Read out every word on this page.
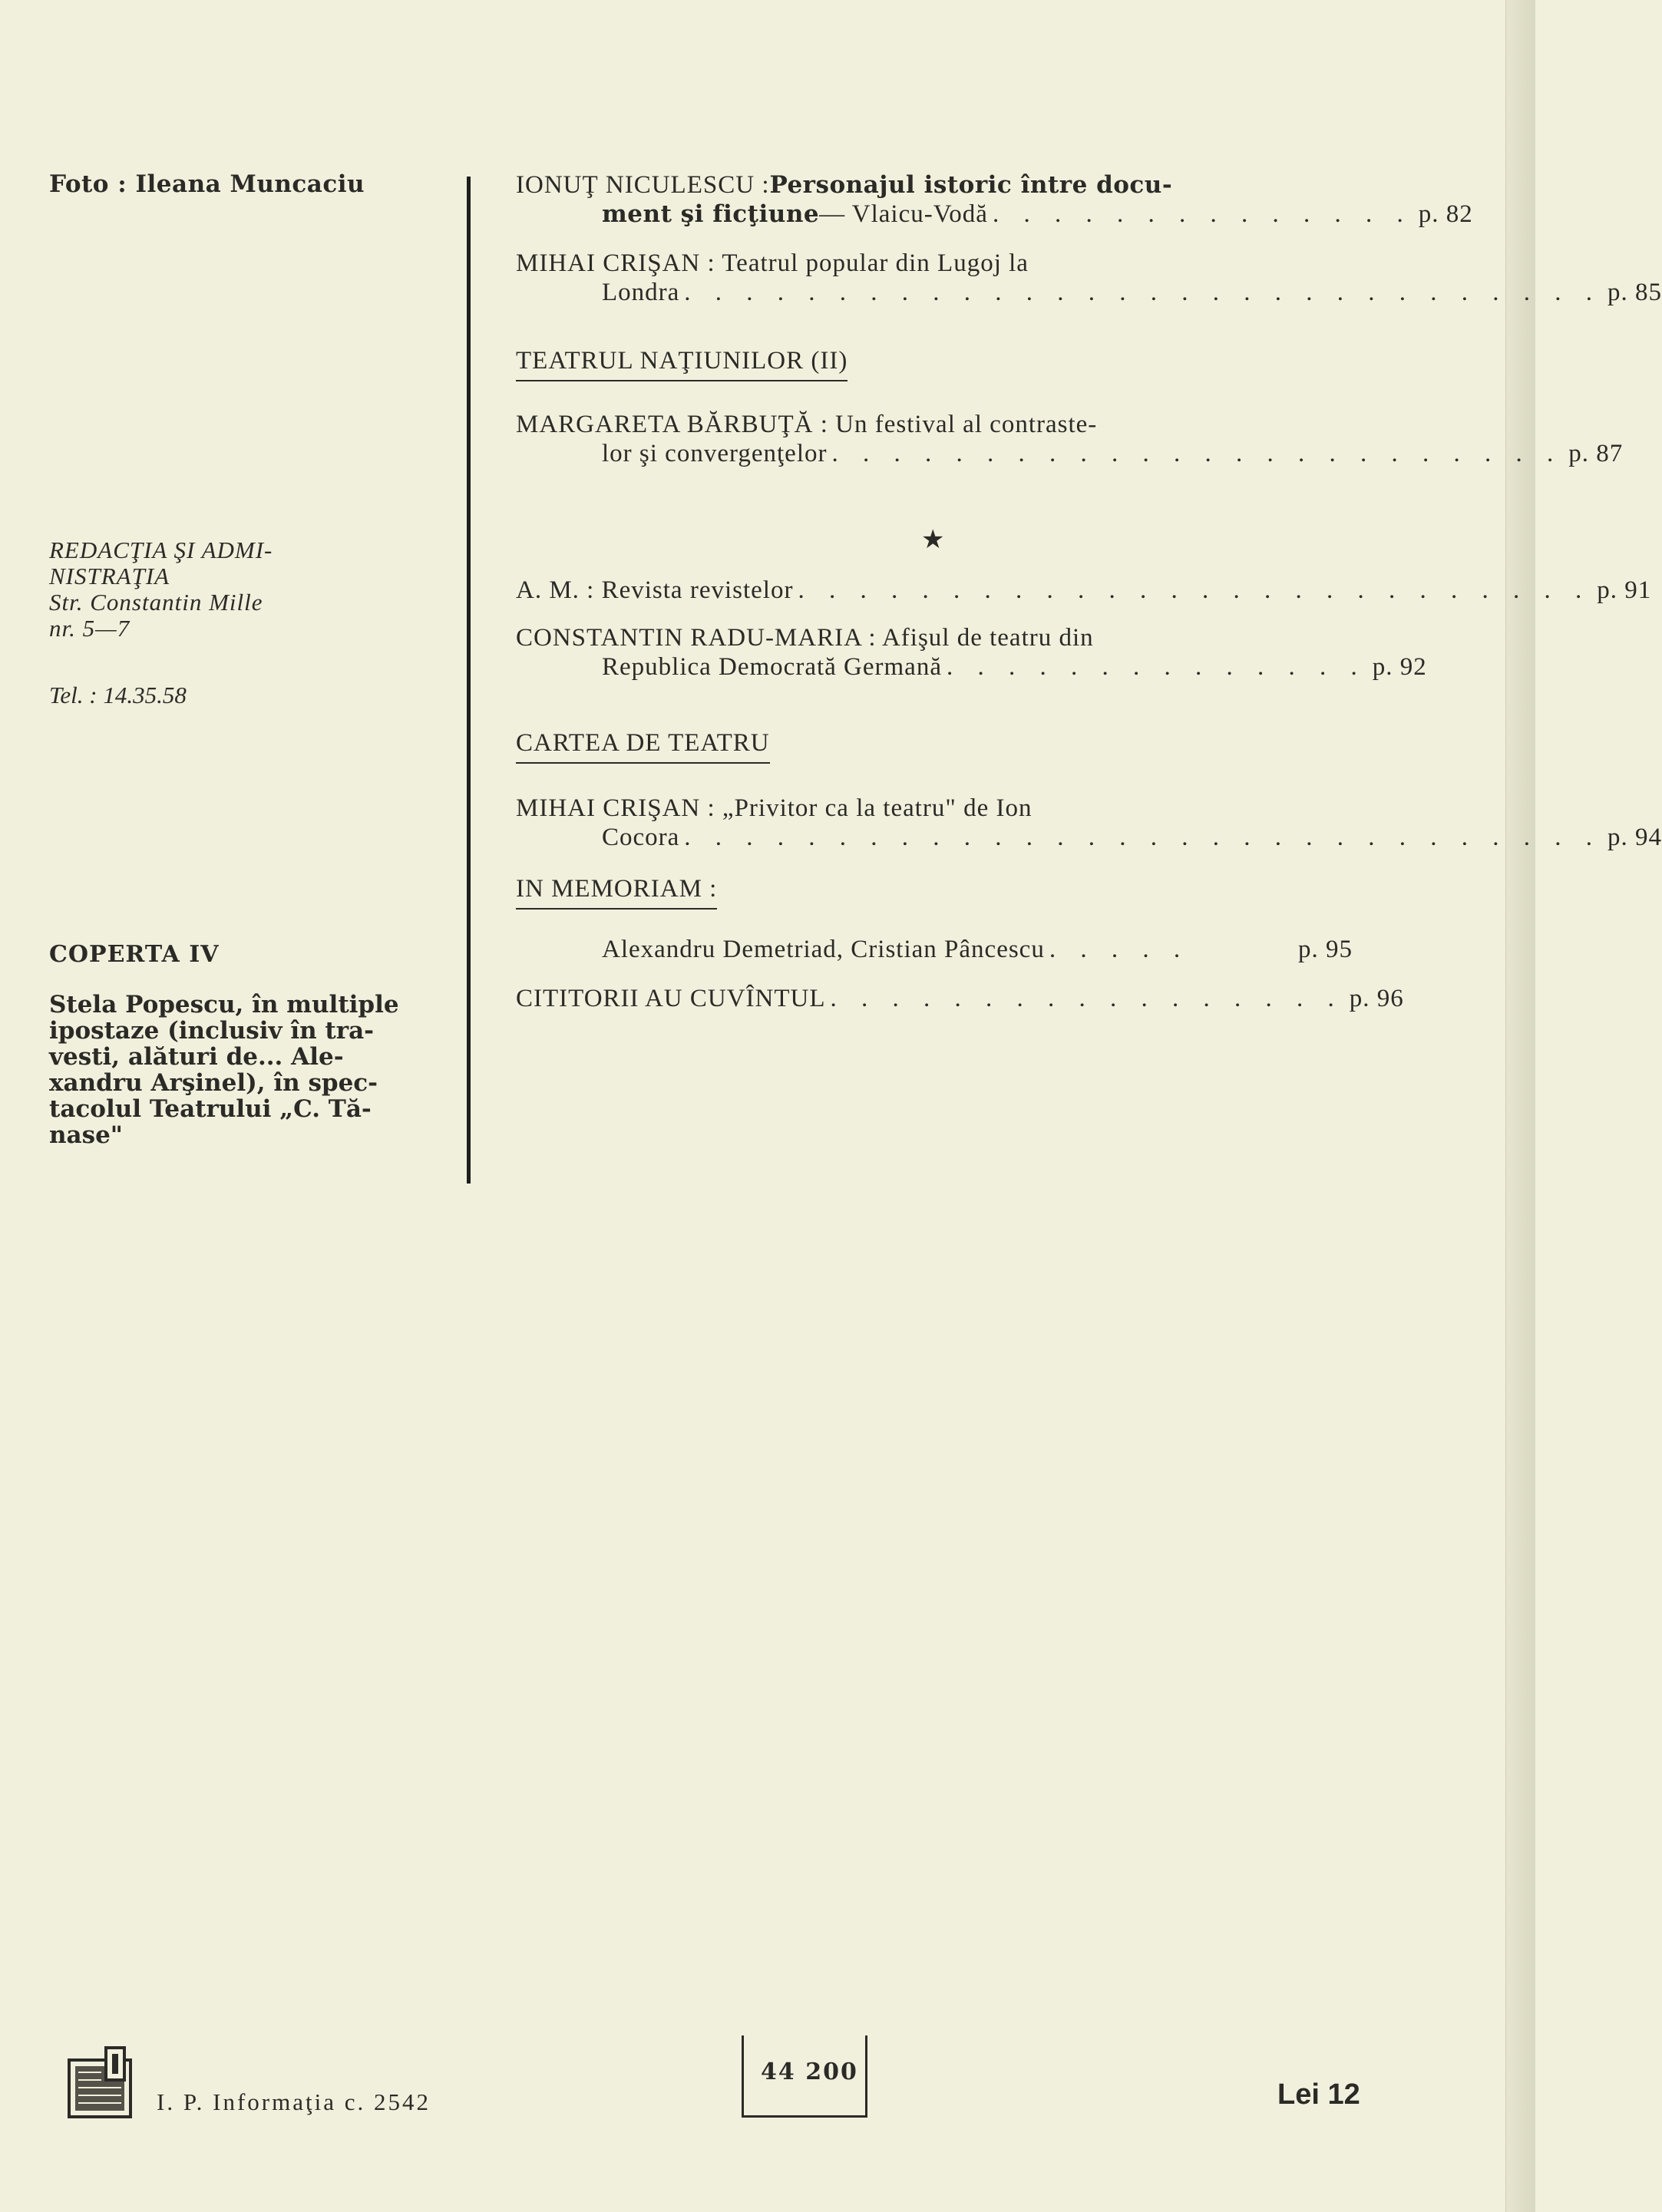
Foto : Ileana Muncaciu
REDACŢIA ŞI ADMI-
NISTRAŢIA
Str. Constantin Mille
nr. 5—7
Tel. : 14.35.58
COPERTA IV
Stela Popescu, în multiple
ipostaze (inclusiv în tra-
vesti, alături de... Ale-
xandru Arşinel), în spec-
tacolul Teatrului „C. Tă-
nase"
IONUŢ NICULESCU : Personajul istoric între docu-
ment şi ficţiune — Vlaicu-Vodă . . . . . . . . . . . . . . p. 82
MIHAI CRIŞAN : Teatrul popular din Lugoj la
Londra . . . . . . . . . . . . . . . . . . . . . . . . . . . . . . p. 85
TEATRUL NAŢIUNILOR (II)
MARGARETA BĂRBUŢĂ : Un festival al contraste-
lor şi convergenţelor . . . . . . . . . . . . . . . . . . . . . . . . p. 87
★
A. M. : Revista revistelor . . . . . . . . . . . . . . . . . . . . . . . . . . p. 91
CONSTANTIN RADU-MARIA : Afişul de teatru din
Republica Democrată Germană . . . . . . . . . . . . . . p. 92
CARTEA DE TEATRU
MIHAI CRIŞAN : „Privitor ca la teatru" de Ion
Cocora . . . . . . . . . . . . . . . . . . . . . . . . . . . . . . p. 94
IN MEMORIAM :
Alexandru Demetriad, Cristian Pâncescu . . . . .	p. 95
CITITORII AU CUVÎNTUL . . . . . . . . . . . . . . . . . p. 96
I. P. Informaţia c. 2542
44 200
Lei 12
